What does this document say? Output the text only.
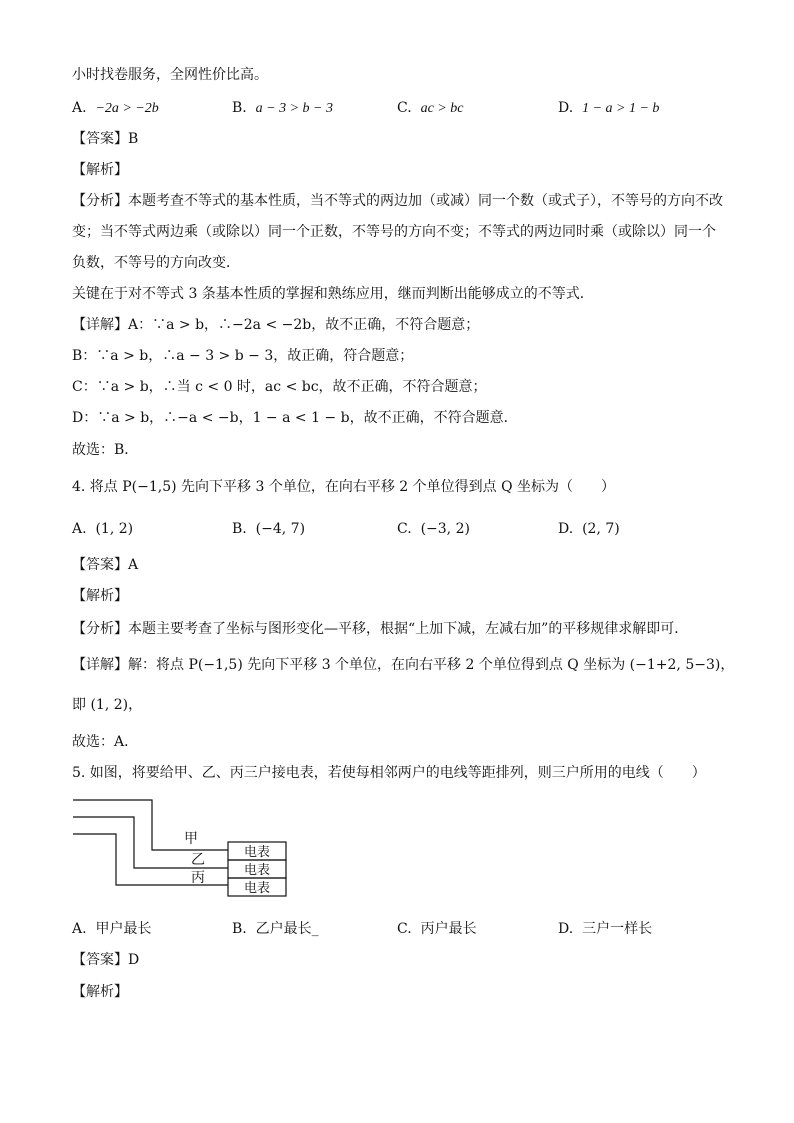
小时找卷服务，全网性价比高。
A. −2a > −2b	B. a − 3 > b − 3	C. ac > bc	D. 1 − a > 1 − b
【答案】B
【解析】
【分析】本题考查不等式的基本性质，当不等式的两边加（或减）同一个数（或式子），不等号的方向不改
变；当不等式两边乘（或除以）同一个正数，不等号的方向不变；不等式的两边同时乘（或除以）同一个
负数，不等号的方向改变．
关键在于对不等式 3 条基本性质的掌握和熟练应用，继而判断出能够成立的不等式．
【详解】A：∵a > b，∴−2a < −2b，故不正确，不符合题意；
B：∵a > b，∴a − 3 > b − 3，故正确，符合题意；
C：∵a > b，∴当 c < 0 时，ac < bc，故不正确，不符合题意；
D：∵a > b，∴−a < −b，1 − a < 1 − b，故不正确，不符合题意．
故选：B．
4. 将点 P(−1,5) 先向下平移 3 个单位，在向右平移 2 个单位得到点 Q 坐标为（　　）
A. (1, 2)	B. (−4, 7)	C. (−3, 2)	D. (2, 7)
【答案】A
【解析】
【分析】本题主要考查了坐标与图形变化—平移，根据“上加下减，左减右加”的平移规律求解即可．
【详解】解：将点 P(−1,5) 先向下平移 3 个单位，在向右平移 2 个单位得到点 Q 坐标为 (−1+2, 5−3)，
即 (1, 2)，
故选：A．
5. 如图，将要给甲、乙、丙三户接电表，若使每相邻两户的电线等距排列，则三户所用的电线（　　）
甲
乙
丙
电表
电表
电表
A. 甲户最长	B. 乙户最长_	C. 丙户最长	D. 三户一样长
【答案】D
【解析】
